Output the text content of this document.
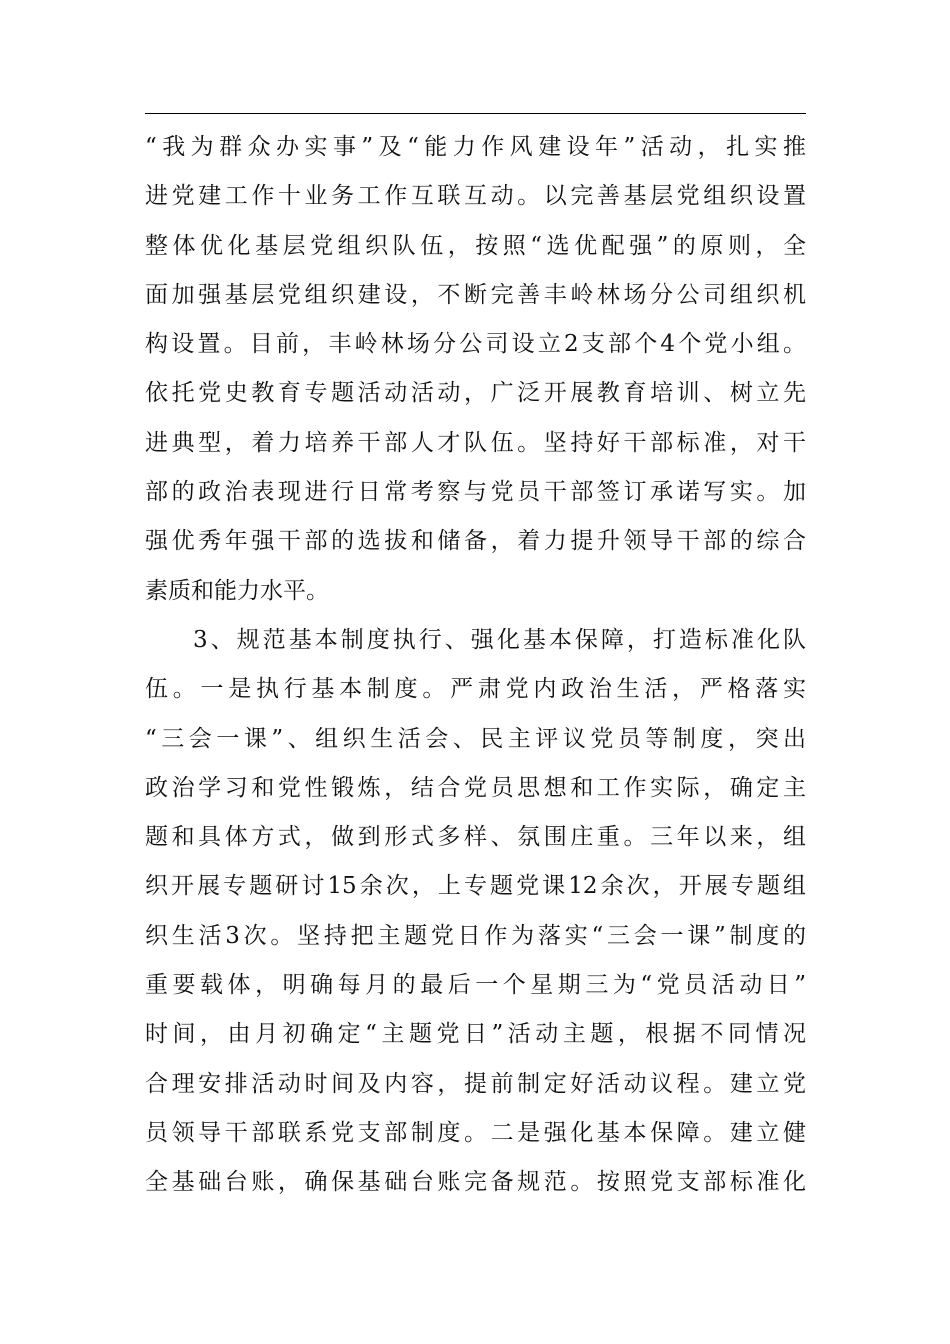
“我为群众办实事”及“能力作风建设年”活动，扎实推
进党建工作十业务工作互联互动。以完善基层党组织设置
整体优化基层党组织队伍，按照“选优配强”的原则，全
面加强基层党组织建设，不断完善丰岭林场分公司组织机
构设置。目前，丰岭林场分公司设立2支部个4个党小组。
依托党史教育专题活动活动，广泛开展教育培训、树立先
进典型，着力培养干部人才队伍。坚持好干部标准，对干
部的政治表现进行日常考察与党员干部签订承诺写实。加
强优秀年强干部的选拔和储备，着力提升领导干部的综合
素质和能力水平。
3、规范基本制度执行、强化基本保障，打造标准化队
伍。一是执行基本制度。严肃党内政治生活，严格落实
“三会一课”、组织生活会、民主评议党员等制度，突出
政治学习和党性锻炼，结合党员思想和工作实际，确定主
题和具体方式，做到形式多样、氛围庄重。三年以来，组
织开展专题研讨15余次，上专题党课12余次，开展专题组
织生活3次。坚持把主题党日作为落实“三会一课”制度的
重要载体，明确每月的最后一个星期三为“党员活动日”
时间，由月初确定“主题党日”活动主题，根据不同情况
合理安排活动时间及内容，提前制定好活动议程。建立党
员领导干部联系党支部制度。二是强化基本保障。建立健
全基础台账，确保基础台账完备规范。按照党支部标准化
